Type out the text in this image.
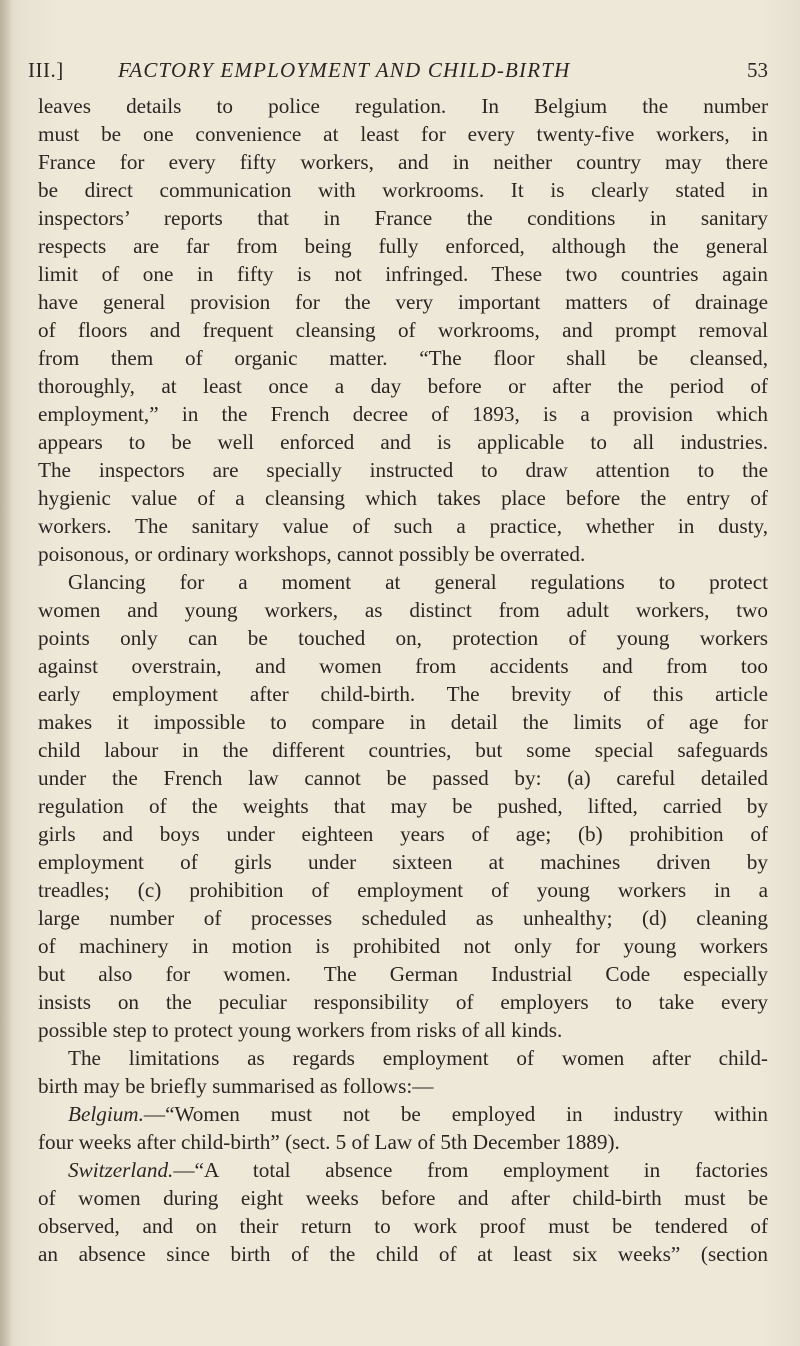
III.]	FACTORY EMPLOYMENT AND CHILD-BIRTH	53
leaves details to police regulation. In Belgium the number
must be one convenience at least for every twenty-five workers, in
France for every fifty workers, and in neither country may there
be direct communication with workrooms. It is clearly stated in
inspectors’ reports that in France the conditions in sanitary
respects are far from being fully enforced, although the general
limit of one in fifty is not infringed. These two countries again
have general provision for the very important matters of drainage
of floors and frequent cleansing of workrooms, and prompt removal
from them of organic matter. “The floor shall be cleansed,
thoroughly, at least once a day before or after the period of
employment,” in the French decree of 1893, is a provision which
appears to be well enforced and is applicable to all industries.
The inspectors are specially instructed to draw attention to the
hygienic value of a cleansing which takes place before the entry of
workers. The sanitary value of such a practice, whether in dusty,
poisonous, or ordinary workshops, cannot possibly be overrated.
Glancing for a moment at general regulations to protect
women and young workers, as distinct from adult workers, two
points only can be touched on, protection of young workers
against overstrain, and women from accidents and from too
early employment after child-birth. The brevity of this article
makes it impossible to compare in detail the limits of age for
child labour in the different countries, but some special safeguards
under the French law cannot be passed by: (a) careful detailed
regulation of the weights that may be pushed, lifted, carried by
girls and boys under eighteen years of age; (b) prohibition of
employment of girls under sixteen at machines driven by
treadles; (c) prohibition of employment of young workers in a
large number of processes scheduled as unhealthy; (d) cleaning
of machinery in motion is prohibited not only for young workers
but also for women. The German Industrial Code especially
insists on the peculiar responsibility of employers to take every
possible step to protect young workers from risks of all kinds.
The limitations as regards employment of women after child-
birth may be briefly summarised as follows:—
Belgium.—“Women must not be employed in industry within
four weeks after child-birth” (sect. 5 of Law of 5th December 1889).
Switzerland.—“A total absence from employment in factories
of women during eight weeks before and after child-birth must be
observed, and on their return to work proof must be tendered of
an absence since birth of the child of at least six weeks” (section
